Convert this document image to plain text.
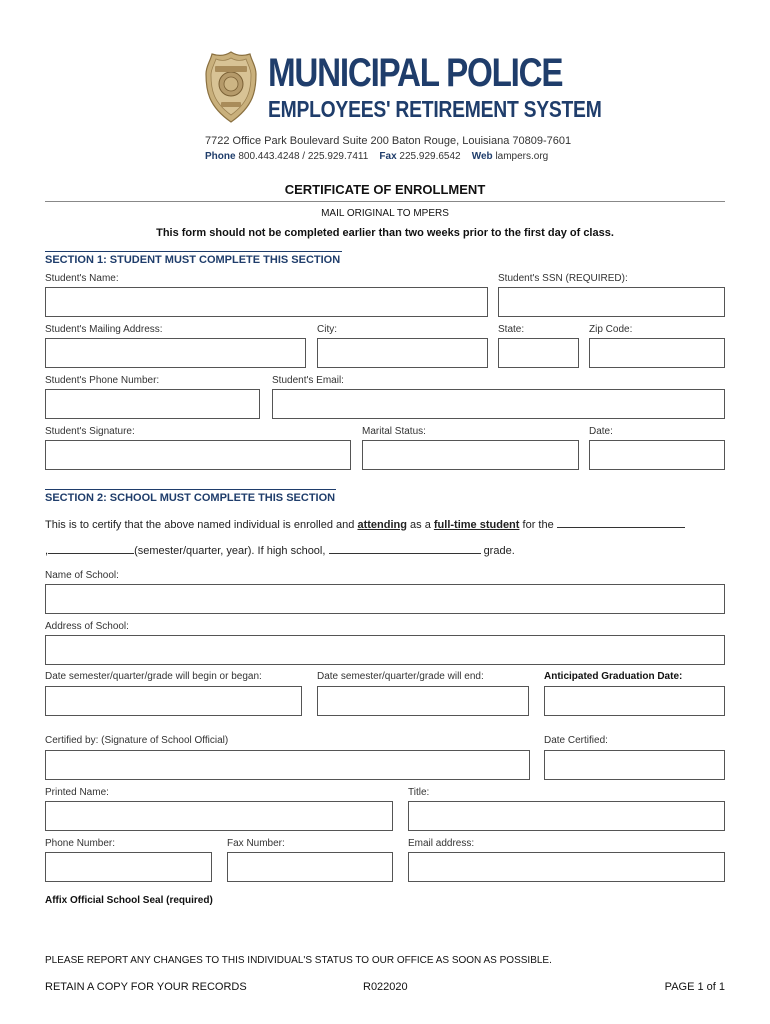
MUNICIPAL POLICE
EMPLOYEES' RETIREMENT SYSTEM
7722 Office Park Boulevard Suite 200 Baton Rouge, Louisiana 70809-7601
Phone 800.443.4248 / 225.929.7411 Fax 225.929.6542 Web lampers.org
CERTIFICATE OF ENROLLMENT
MAIL ORIGINAL TO MPERS
This form should not be completed earlier than two weeks prior to the first day of class.
SECTION 1: STUDENT MUST COMPLETE THIS SECTION
Student's Name:	Student's SSN (REQUIRED):
Student's Mailing Address:	City:	State:	Zip Code:
Student's Phone Number:	Student's Email:
Student's Signature:	Marital Status:	Date:
SECTION 2: SCHOOL MUST COMPLETE THIS SECTION
This is to certify that the above named individual is enrolled and attending as a full-time student for the
,	(semester/quarter, year). If high school,	grade.
Name of School:
Address of School:
Date semester/quarter/grade will begin or began:	Date semester/quarter/grade will end:	Anticipated Graduation Date:
Certified by: (Signature of School Official)	Date Certified:
Printed Name:	Title:
Phone Number:	Fax Number:	Email address:
Affix Official School Seal (required)
PLEASE REPORT ANY CHANGES TO THIS INDIVIDUAL'S STATUS TO OUR OFFICE AS SOON AS POSSIBLE.
RETAIN A COPY FOR YOUR RECORDS	R022020	PAGE 1 of 1
